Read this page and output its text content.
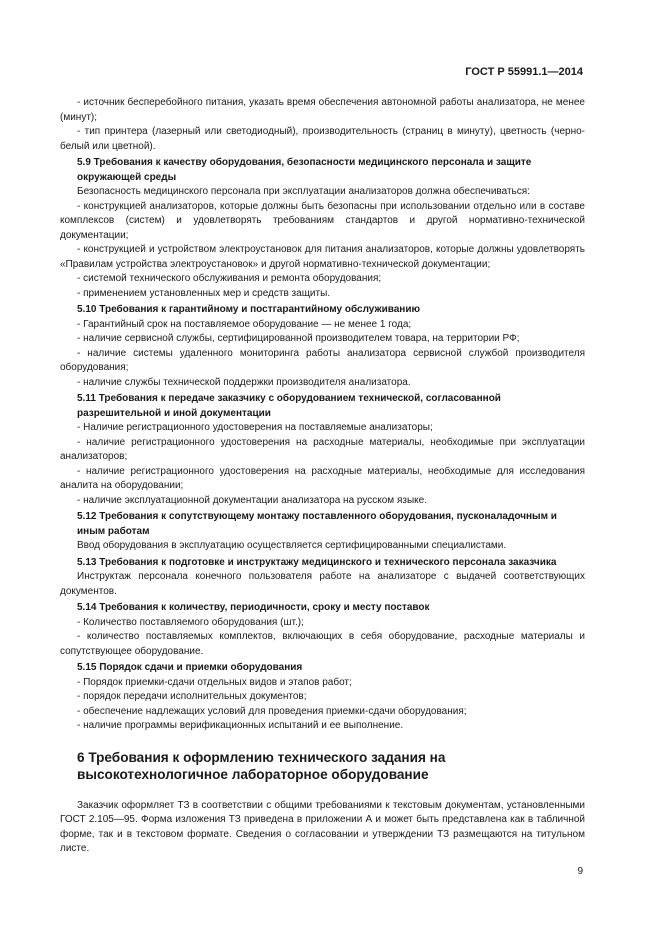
ГОСТ Р 55991.1—2014

- источник бесперебойного питания, указать время обеспечения автономной работы анализатора, не менее (минут);

- тип принтера (лазерный или светодиодный), производительность (страниц в минуту), цветность (черно-белый или цветной).

5.9 Требования к качеству оборудования, безопасности медицинского персонала и защите окружающей среды

Безопасность медицинского персонала при эксплуатации анализаторов должна обеспечиваться:

- конструкцией анализаторов, которые должны быть безопасны при использовании отдельно или в составе комплексов (систем) и удовлетворять требованиям стандартов и другой нормативно-технической документации;

- конструкцией и устройством электроустановок для питания анализаторов, которые должны удовлетворять «Правилам устройства электроустановок» и другой нормативно-технической документации;

- системой технического обслуживания и ремонта оборудования;

- применением установленных мер и средств защиты.

5.10 Требования к гарантийному и постгарантийному обслуживанию

- Гарантийный срок на поставляемое оборудование — не менее 1 года;

- наличие сервисной службы, сертифицированной производителем товара, на территории РФ;

- наличие системы удаленного мониторинга работы анализатора сервисной службой производителя оборудования;

- наличие службы технической поддержки производителя анализатора.

5.11 Требования к передаче заказчику с оборудованием технической, согласованной разрешительной и иной документации

- Наличие регистрационного удостоверения на поставляемые анализаторы;

- наличие регистрационного удостоверения на расходные материалы, необходимые при эксплуатации анализаторов;

- наличие регистрационного удостоверения на расходные материалы, необходимые для исследования аналита на оборудовании;

- наличие эксплуатационной документации анализатора на русском языке.

5.12 Требования к сопутствующему монтажу поставленного оборудования, пусконаладочным и иным работам

Ввод оборудования в эксплуатацию осуществляется сертифицированными специалистами.

5.13 Требования к подготовке и инструктажу медицинского и технического персонала заказчика

Инструктаж персонала конечного пользователя работе на анализаторе с выдачей соответствующих документов.

5.14 Требования к количеству, периодичности, сроку и месту поставок

- Количество поставляемого оборудования (шт.);

- количество поставляемых комплектов, включающих в себя оборудование, расходные материалы и сопутствующее оборудование.

5.15 Порядок сдачи и приемки оборудования

- Порядок приемки-сдачи отдельных видов и этапов работ;

- порядок передачи исполнительных документов;

- обеспечение надлежащих условий для проведения приемки-сдачи оборудования;

- наличие программы верификационных испытаний и ее выполнение.

6 Требования к оформлению технического задания на высокотехнологичное лабораторное оборудование

Заказчик оформляет ТЗ в соответствии с общими требованиями к текстовым документам, установленными ГОСТ 2.105—95. Форма изложения ТЗ приведена в приложении А и может быть представлена как в табличной форме, так и в текстовом формате. Сведения о согласовании и утверждении ТЗ размещаются на титульном листе.

9
